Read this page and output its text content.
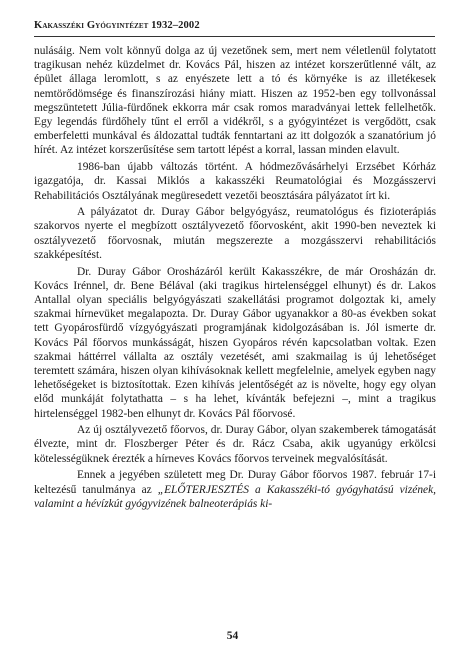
Kakasszéki Gyógyintézet 1932–2002

nulásáig. Nem volt könnyű dolga az új vezetőnek sem, mert nem véletlenül folytatott tragikusan nehéz küzdelmet dr. Kovács Pál, hiszen az intézet korszerűtlenné vált, az épület állaga leromlott, s az enyészete lett a tó és környéke is az illetékesek nemtörődömsége és finanszírozási hiány miatt. Hiszen az 1952-ben egy tollvonással megszüntetett Júlia-fürdőnek ekkorra már csak romos maradványai lettek fellelhetők. Egy legendás fürdőhely tűnt el erről a vidékről, s a gyógyintézet is vergődött, csak emberfeletti munkával és áldozattal tudták fenntartani az itt dolgozók a szanatórium jó hírét. Az intézet korszerűsítése sem tartott lépést a korral, lassan minden elavult.

1986-ban újabb változás történt. A hódmezővásárhelyi Erzsébet Kórház igazgatója, dr. Kassai Miklós a kakasszéki Reumatológiai és Mozgásszervi Rehabilitációs Osztályának megüresedett vezetői beosztására pályázatot írt ki.

A pályázatot dr. Duray Gábor belgyógyász, reumatológus és fizioterápiás szakorvos nyerte el megbízott osztályvezető főorvosként, akit 1990-ben neveztek ki osztályvezető főorvosnak, miután megszerezte a mozgásszervi rehabilitációs szakképesítést.

Dr. Duray Gábor Orosházáról került Kakasszékre, de már Orosházán dr. Kovács Irénnel, dr. Bene Bélával (aki tragikus hirtelenséggel elhunyt) és dr. Lakos Antallal olyan speciális belgyógyászati szakellátási programot dolgoztak ki, amely szakmai hírnevüket megalapozta. Dr. Duray Gábor ugyanakkor a 80-as években sokat tett Gyopárosfürdő vízgyógyászati programjának kidolgozásában is. Jól ismerte dr. Kovács Pál főorvos munkásságát, hiszen Gyopáros révén kapcsolatban voltak. Ezen szakmai háttérrel vállalta az osztály vezetését, ami szakmailag is új lehetőséget teremtett számára, hiszen olyan kihívásoknak kellett megfelelnie, amelyek egyben nagy lehetőségeket is biztosítottak. Ezen kihívás jelentőségét az is növelte, hogy egy olyan előd munkáját folytathatta – s ha lehet, kívánták befejezni –, mint a tragikus hirtelenséggel 1982-ben elhunyt dr. Kovács Pál főorvosé.

Az új osztályvezető főorvos, dr. Duray Gábor, olyan szakemberek támogatását élvezte, mint dr. Floszberger Péter és dr. Rácz Csaba, akik ugyanúgy erkölcsi kötelességüknek érezték a hírneves Kovács főorvos terveinek megvalósítását.

Ennek a jegyében született meg Dr. Duray Gábor főorvos 1987. február 17-i keltezésű tanulmánya az „ELŐTERJESZTÉS a Kakasszéki-tó gyógyhatású vizének, valamint a hévízkút gyógyvizének balneoterápiás ki-

54
